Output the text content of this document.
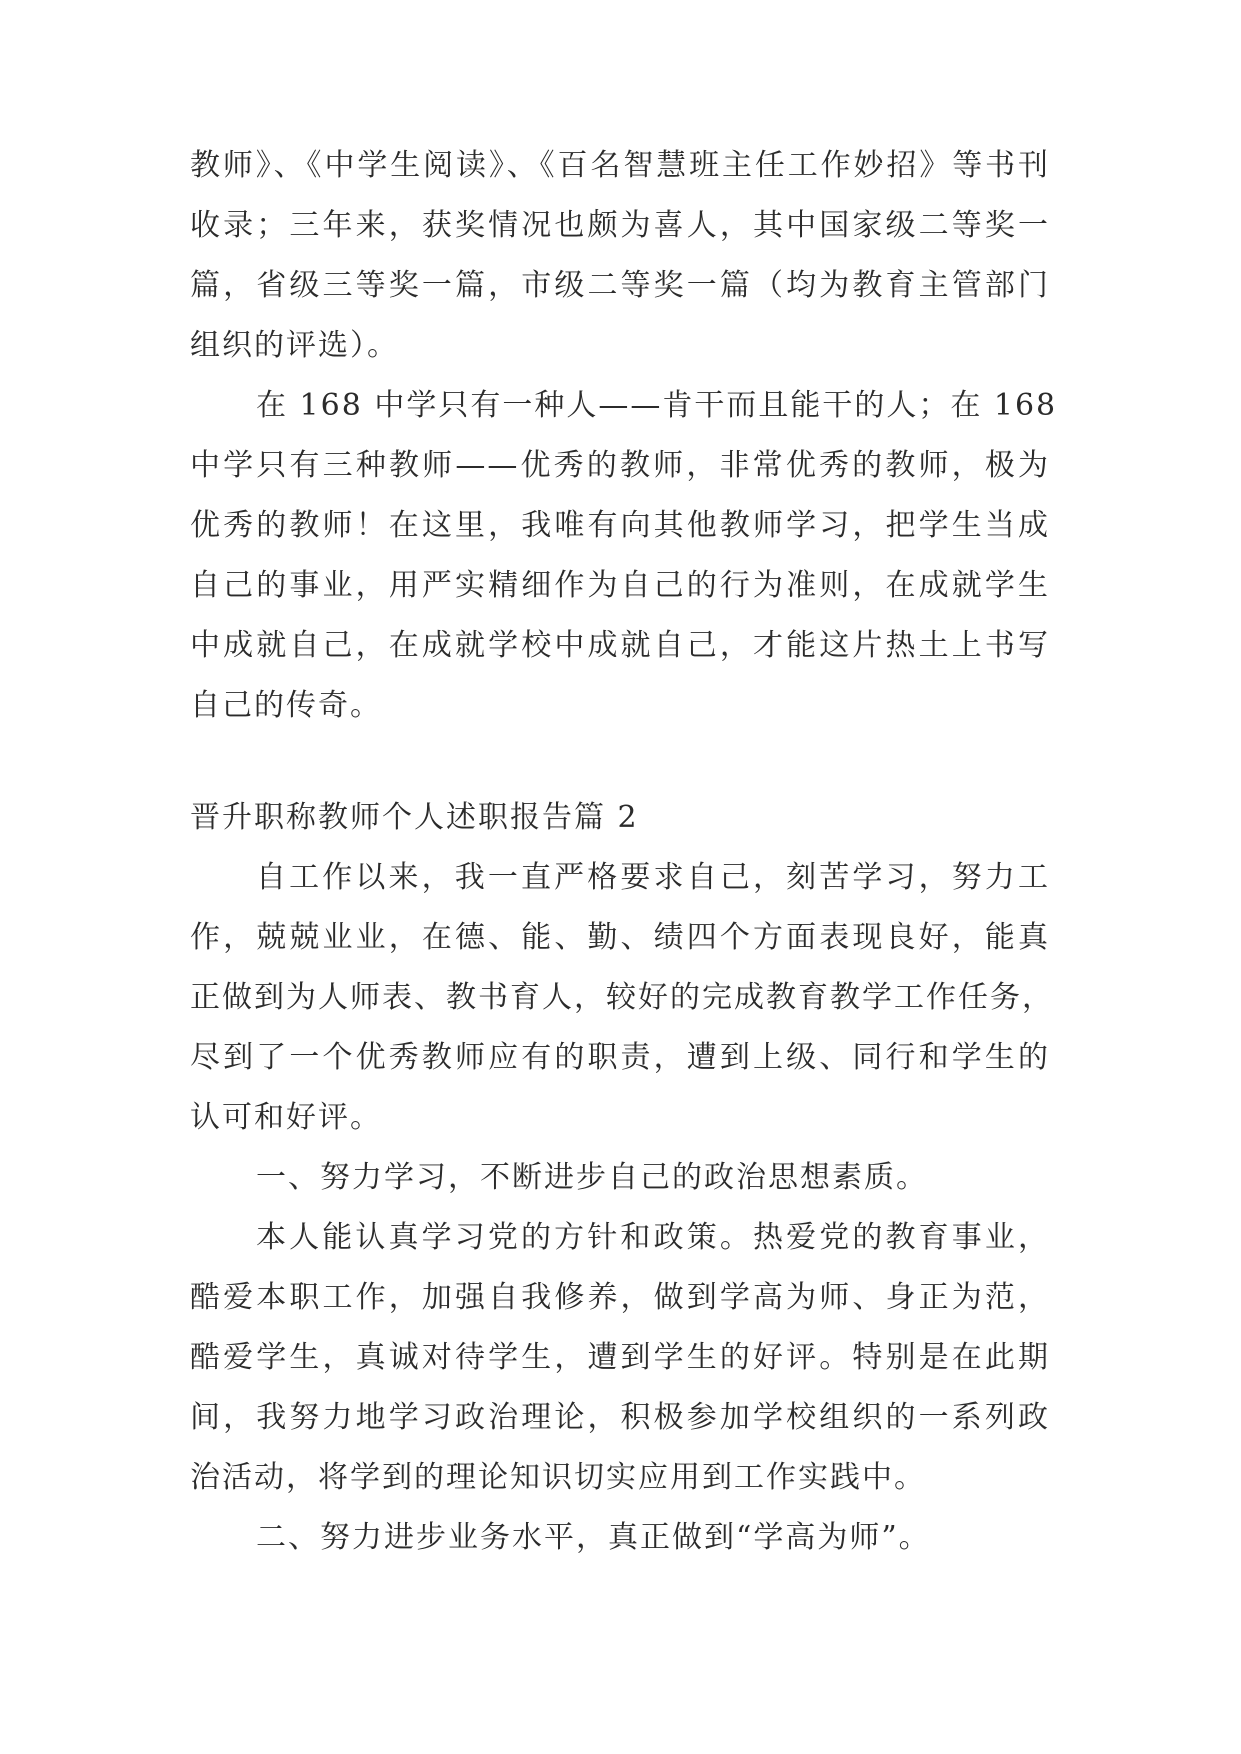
教师》、《中学生阅读》、《百名智慧班主任工作妙招》等书刊
收录；三年来，获奖情况也颇为喜人，其中国家级二等奖一
篇，省级三等奖一篇，市级二等奖一篇（均为教育主管部门
组织的评选）。
在 168 中学只有一种人——肯干而且能干的人；在 168
中学只有三种教师——优秀的教师，非常优秀的教师，极为
优秀的教师！在这里，我唯有向其他教师学习，把学生当成
自己的事业，用严实精细作为自己的行为准则，在成就学生
中成就自己，在成就学校中成就自己，才能这片热土上书写
自己的传奇。
晋升职称教师个人述职报告篇 2
自工作以来，我一直严格要求自己，刻苦学习，努力工
作，兢兢业业，在德、能、勤、绩四个方面表现良好，能真
正做到为人师表、教书育人，较好的完成教育教学工作任务，
尽到了一个优秀教师应有的职责，遭到上级、同行和学生的
认可和好评。
一、努力学习，不断进步自己的政治思想素质。
本人能认真学习党的方针和政策。热爱党的教育事业，
酷爱本职工作，加强自我修养，做到学高为师、身正为范，
酷爱学生，真诚对待学生，遭到学生的好评。特别是在此期
间，我努力地学习政治理论，积极参加学校组织的一系列政
治活动，将学到的理论知识切实应用到工作实践中。
二、努力进步业务水平，真正做到“学高为师”。
